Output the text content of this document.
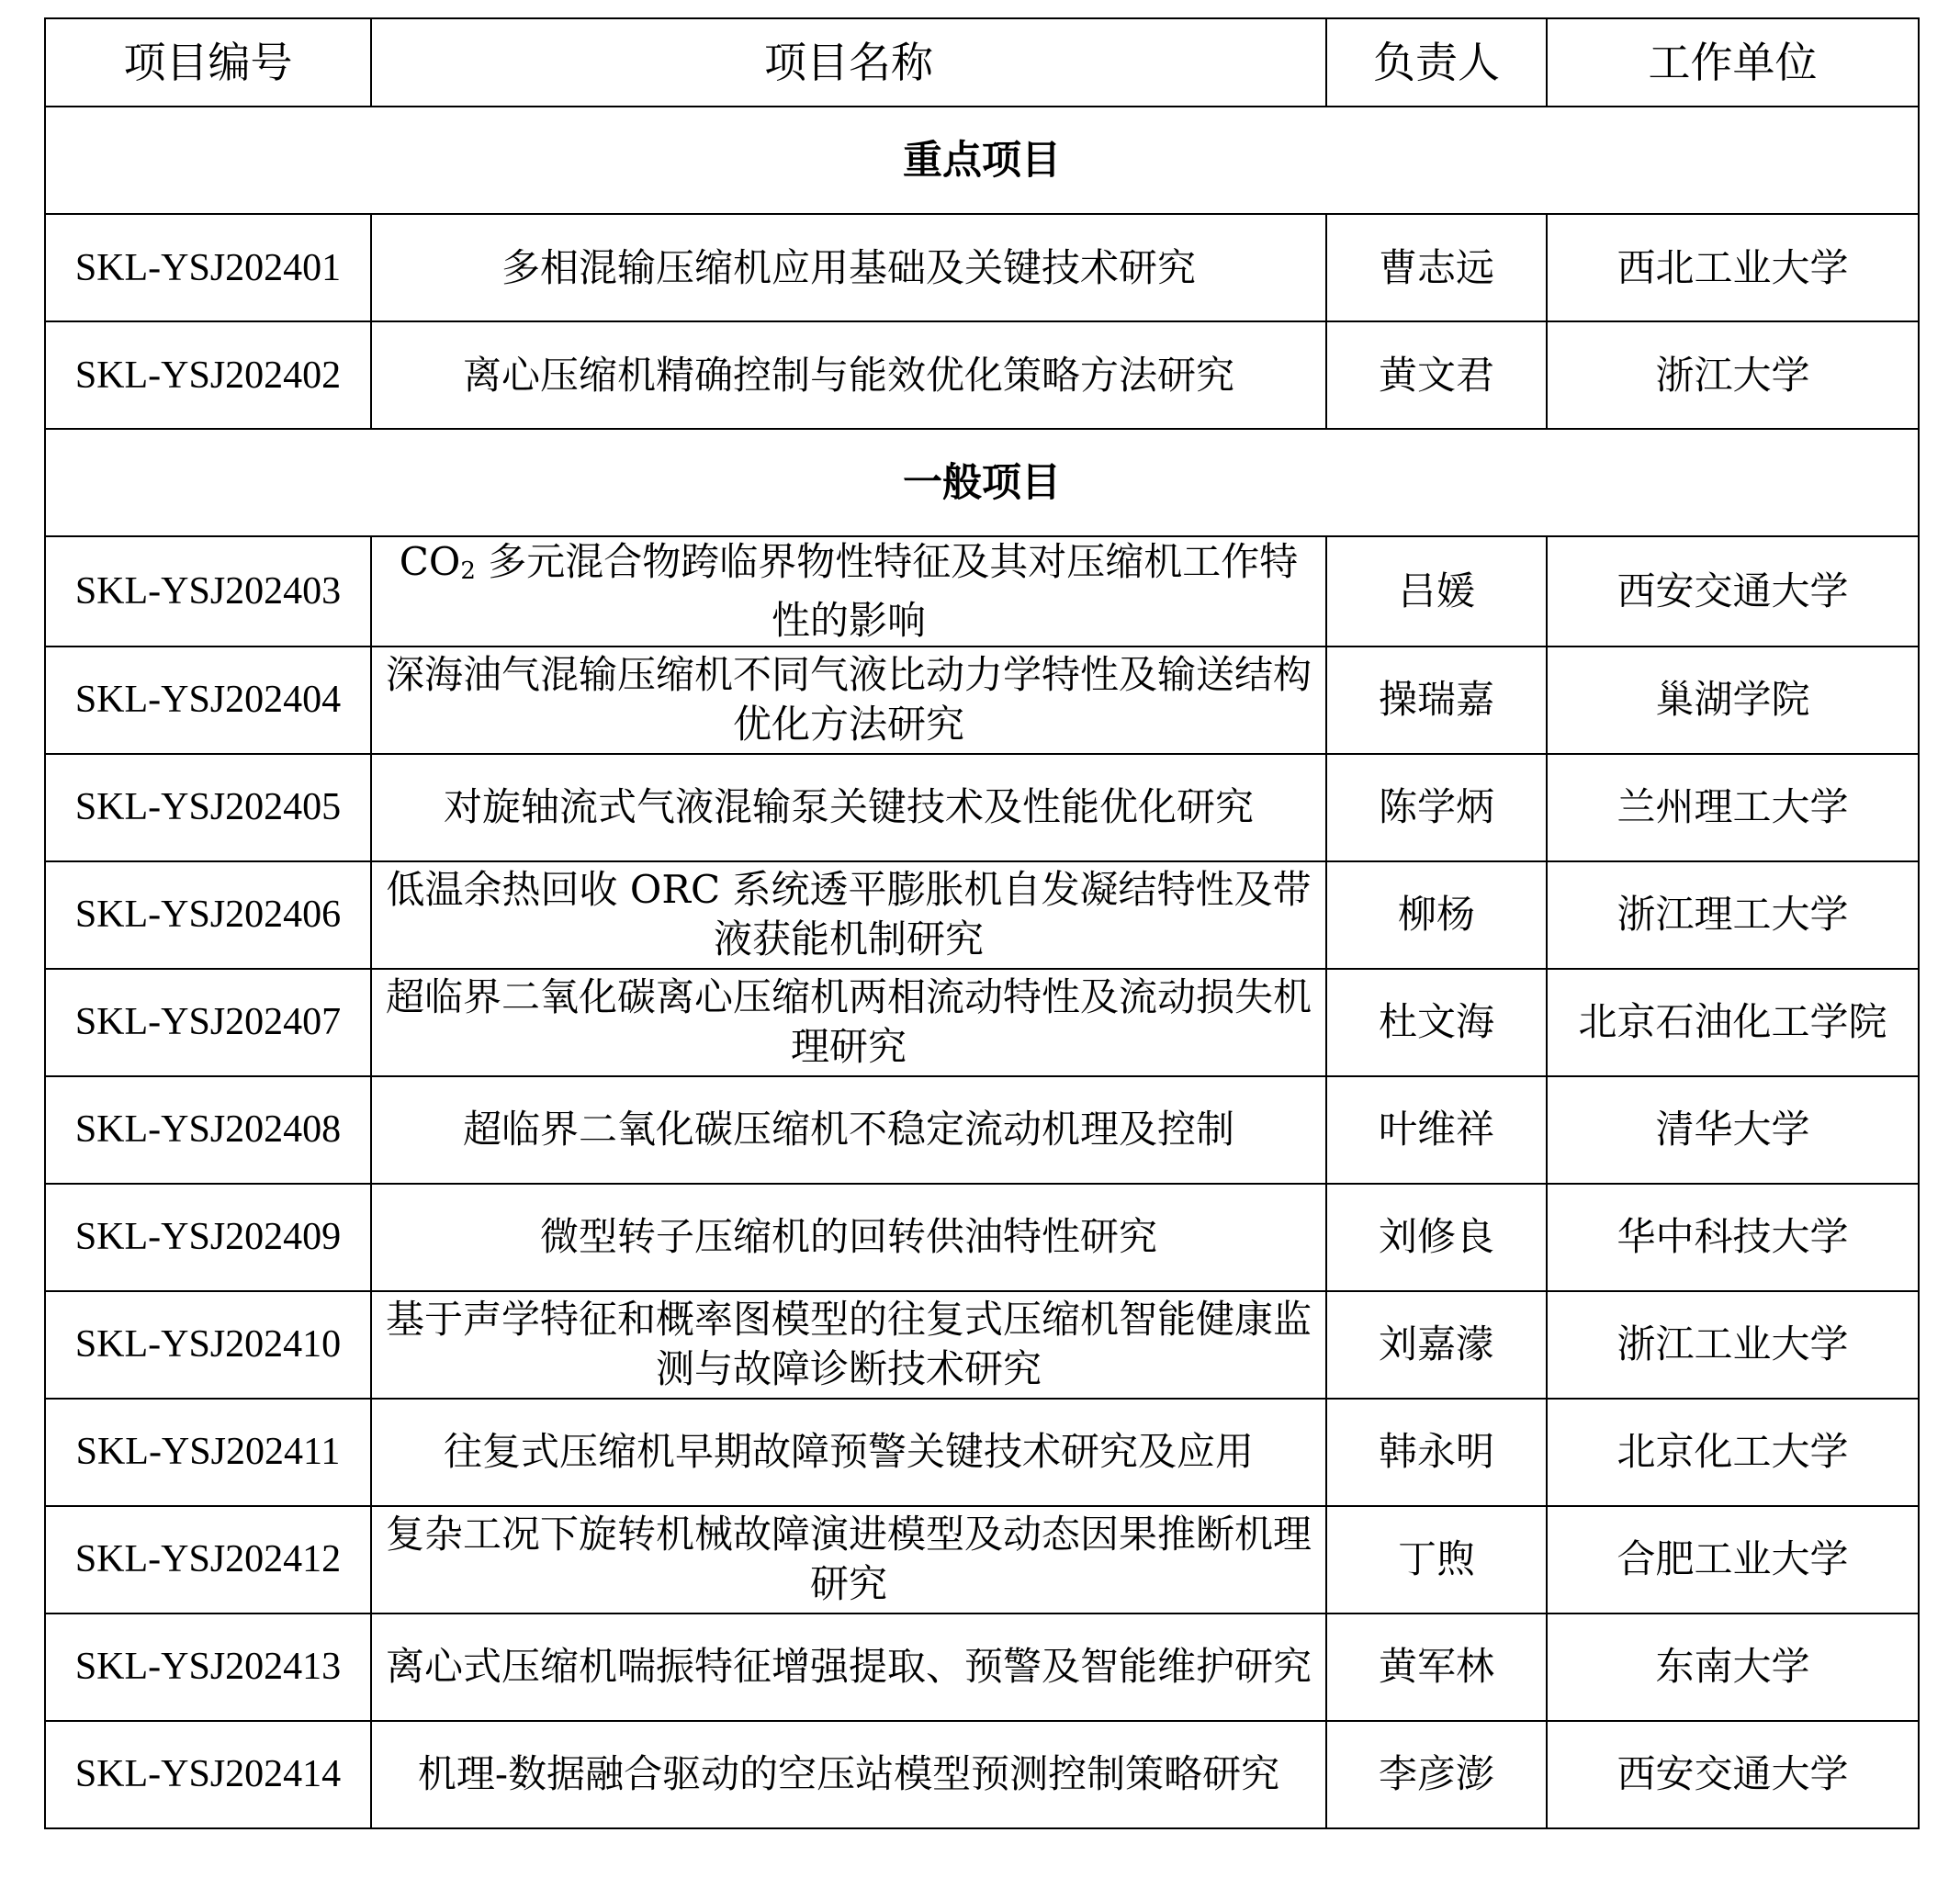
项目编号	项目名称	负责人	工作单位
重点项目			
SKL-YSJ202401	多相混输压缩机应用基础及关键技术研究	曹志远	西北工业大学
SKL-YSJ202402	离心压缩机精确控制与能效优化策略方法研究	黄文君	浙江大学
一般项目			
SKL-YSJ202403	$CO_2$ 多元混合物跨临界物性特征及其对压缩机工作特性的影响	吕媛	西安交通大学
SKL-YSJ202404	深海油气混输压缩机不同气液比动力学特性及输送结构优化方法研究	操瑞嘉	巢湖学院
SKL-YSJ202405	对旋轴流式气液混输泵关键技术及性能优化研究	陈学炳	兰州理工大学
SKL-YSJ202406	低温余热回收 ORC 系统透平膨胀机自发凝结特性及带液获能机制研究	柳杨	浙江理工大学
SKL-YSJ202407	超临界二氧化碳离心压缩机两相流动特性及流动损失机理研究	杜文海	北京石油化工学院
SKL-YSJ202408	超临界二氧化碳压缩机不稳定流动机理及控制	叶维祥	清华大学
SKL-YSJ202409	微型转子压缩机的回转供油特性研究	刘修良	华中科技大学
SKL-YSJ202410	基于声学特征和概率图模型的往复式压缩机智能健康监测与故障诊断技术研究	刘嘉濛	浙江工业大学
SKL-YSJ202411	往复式压缩机早期故障预警关键技术研究及应用	韩永明	北京化工大学
SKL-YSJ202412	复杂工况下旋转机械故障演进模型及动态因果推断机理研究	丁煦	合肥工业大学
SKL-YSJ202413	离心式压缩机喘振特征增强提取、预警及智能维护研究	黄军林	东南大学
SKL-YSJ202414	机理-数据融合驱动的空压站模型预测控制策略研究	李彦澎	西安交通大学
